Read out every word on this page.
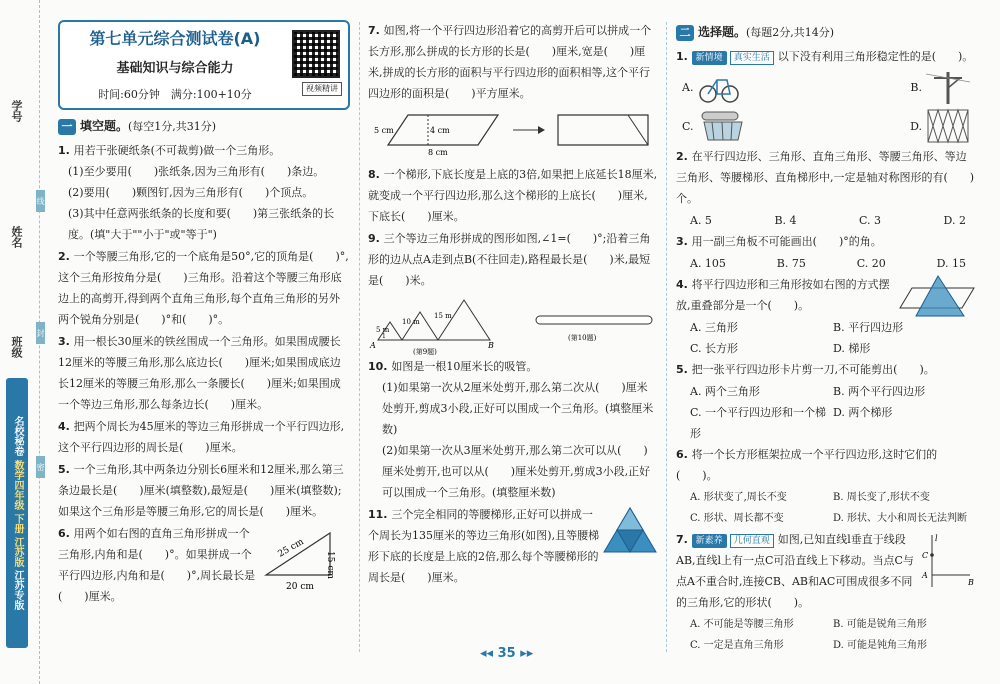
学号
姓名
班级
线
封
密
名校秘卷 数学四年级 下册 江苏版 江苏专版
第七单元综合测试卷(A)
基础知识与综合能力
时间:60分钟　满分:100+10分	视频精讲
一 填空题。 (每空1分,共31分)
1. 用若干张硬纸条(不可裁剪)做一个三角形。
(1)至少要用(　　)张纸条,因为三角形有(　　)条边。
(2)要用(　　)颗图钉,因为三角形有(　　)个顶点。
(3)其中任意两张纸条的长度和要(　　)第三张纸条的长度。(填"大于""小于"或"等于")
2. 一个等腰三角形,它的一个底角是50°,它的顶角是(　　)°,这个三角形按角分是(　　)三角形。沿着这个等腰三角形底边上的高剪开,得到两个直角三角形,每个直角三角形的另外两个锐角分别是(　　)°和(　　)°。
3. 用一根长30厘米的铁丝围成一个三角形。如果围成腰长12厘米的等腰三角形,那么底边长(　　)厘米;如果围成底边长12厘米的等腰三角形,那么一条腰长(　　)厘米;如果围成一个等边三角形,那么每条边长(　　)厘米。
4. 把两个周长为45厘米的等边三角形拼成一个平行四边形,这个平行四边形的周长是(　　)厘米。
5. 一个三角形,其中两条边分别长6厘米和12厘米,那么第三条边最长是(　　)厘米(填整数),最短是(　　)厘米(填整数);如果这个三角形是等腰三角形,它的周长是(　　)厘米。
6. 用两个如右图的直角三角形拼成一个三角形,内角和是(　　)°。如果拼成一个平行四边形,内角和是(　　)°,周长最长是(　　)厘米。
25 cm
15 cm
20 cm
7. 如图,将一个平行四边形沿着它的高剪开后可以拼成一个长方形,那么拼成的长方形的长是(　　)厘米,宽是(　　)厘米,拼成的长方形的面积与平行四边形的面积相等,这个平行四边形的面积是(　　)平方厘米。
5 cm	4 cm
8 cm
8. 一个梯形,下底长度是上底的3倍,如果把上底延长18厘米,就变成一个平行四边形,那么这个梯形的上底长(　　)厘米,下底长(　　)厘米。
9. 三个等边三角形拼成的图形如图,∠1=(　　)°;沿着三角形的边从点A走到点B(不往回走),路程最长是(　　)米,最短是(　　)米。
5 m
10 m
15 m
A	B
1
(第9题)
(第10题)
10. 如图是一根10厘米长的吸管。
(1)如果第一次从2厘米处剪开,那么第二次从(　　)厘米处剪开,剪成3小段,正好可以围成一个三角形。(填整厘米数)
(2)如果第一次从3厘米处剪开,那么第二次可以从(　　)厘米处剪开,也可以从(　　)厘米处剪开,剪成3小段,正好可以围成一个三角形。(填整厘米数)
11. 三个完全相同的等腰梯形,正好可以拼成一个周长为135厘米的等边三角形(如图),且等腰梯形下底的长度是上底的2倍,那么每个等腰梯形的周长是(　　)厘米。
二 选择题。 (每题2分,共14分)
1. 新情境 真实生活 以下没有利用三角形稳定性的是(　　)。
A.	B.
C.	D.
2. 在平行四边形、三角形、直角三角形、等腰三角形、等边三角形、等腰梯形、直角梯形中,一定是轴对称图形的有(　　)个。
A. 5	B. 4	C. 3	D. 2
3. 用一副三角板不可能画出(　　)°的角。
A. 105	B. 75	C. 20	D. 15
4. 将平行四边形和三角形按如右图的方式摆放,重叠部分是一个(　　)。
A. 三角形	B. 平行四边形
C. 长方形	D. 梯形
5. 把一张平行四边形卡片剪一刀,不可能剪出(　　)。
A. 两个三角形	B. 两个平行四边形
C. 一个平行四边形和一个梯形
D. 两个梯形
6. 将一个长方形框架拉成一个平行四边形,这时它们的(　　)。
A. 形状变了,周长不变	B. 周长变了,形状不变
C. 形状、周长都不变	D. 形状、大小和周长无法判断
7. 新素养 几何直观 如图,已知直线l垂直于线段AB,直线l上有一点C可沿直线上下移动。当点C与点A不重合时,连接CB、AB和AC可围成很多不同的三角形,它的形状(　　)。
l
C
A
B
A. 不可能是等腰三角形	B. 可能是锐角三角形
C. 一定是直角三角形	D. 可能是钝角三角形
◂◂ 35 ▸▸
